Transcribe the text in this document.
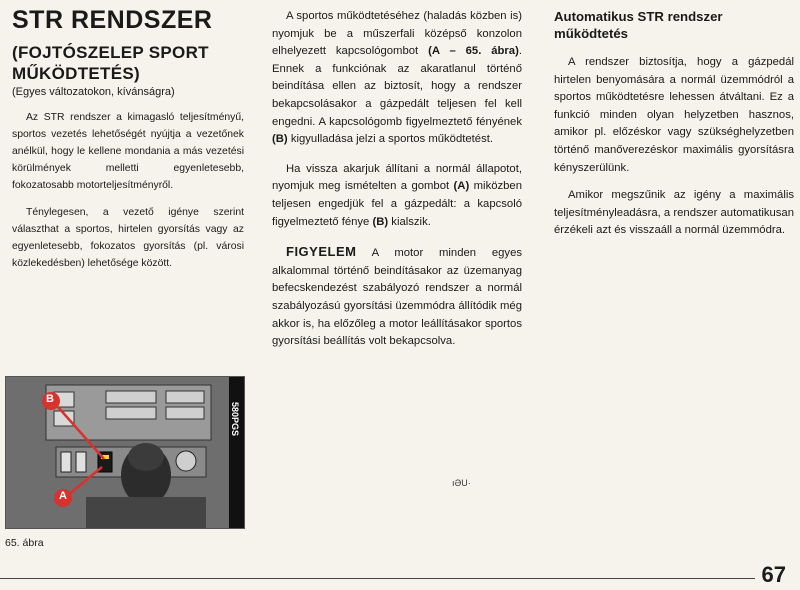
STR RENDSZER
(FOJTÓSZELEP SPORT
MŰKÖDTETÉS)
(Egyes változatokon, kívánságra)

Az STR rendszer a kimagasló teljesítményű, sportos vezetés lehetőségét nyújtja a vezetőnek anélkül, hogy le kellene mondania a más vezetési körülmények melletti egyenletesebb, fokozatosabb motorteljesítményről.

Ténylegesen, a vezető igénye szerint választhat a sportos, hirtelen gyorsítás vagy az egyenletesebb, fokozatos gyorsítás (pl. városi közlekedésben) lehetősége között.

580PGS
B
A
65. ábra

A sportos működtetéséhez (haladás közben is) nyomjuk be a műszerfali középső konzolon elhelyezett kapcsológombot (A – 65. ábra). Ennek a funkciónak az akaratlanul történő beindítása ellen az biztosít, hogy a rendszer bekapcsolásakor a gázpedált teljesen fel kell engedni. A kapcsológomb figyelmeztető fényének (B) kigyulladása jelzi a sportos működtetést.

Ha vissza akarjuk állítani a normál állapotot, nyomjuk meg ismételten a gombot (A) miközben teljesen engedjük fel a gázpedált: a kapcsoló figyelmeztető fénye (B) kialszik.

FIGYELEM A motor minden egyes alkalommal történő beindításakor az üzemanyag befecskendezést szabályozó rendszer a normál szabályozású gyorsítási üzemmódra állítódik még akkor is, ha előzőleg a motor leállításakor sportos gyorsítási beállítás volt bekapcsolva.

ıƏU·
Automatikus STR rendszer
működtetés

A rendszer biztosítja, hogy a gázpedál hirtelen benyomására a normál üzemmódról a sportos működtetésre lehessen átváltani. Ez a funkció minden olyan helyzetben hasznos, amikor pl. előzéskor vagy szükséghelyzetben történő manőverezéskor maximális gyorsításra kényszerülünk.

Amikor megszűnik az igény a maximális teljesítményleadásra, a rendszer automatikusan érzékeli azt és visszaáll a normál üzemmódra.

67
